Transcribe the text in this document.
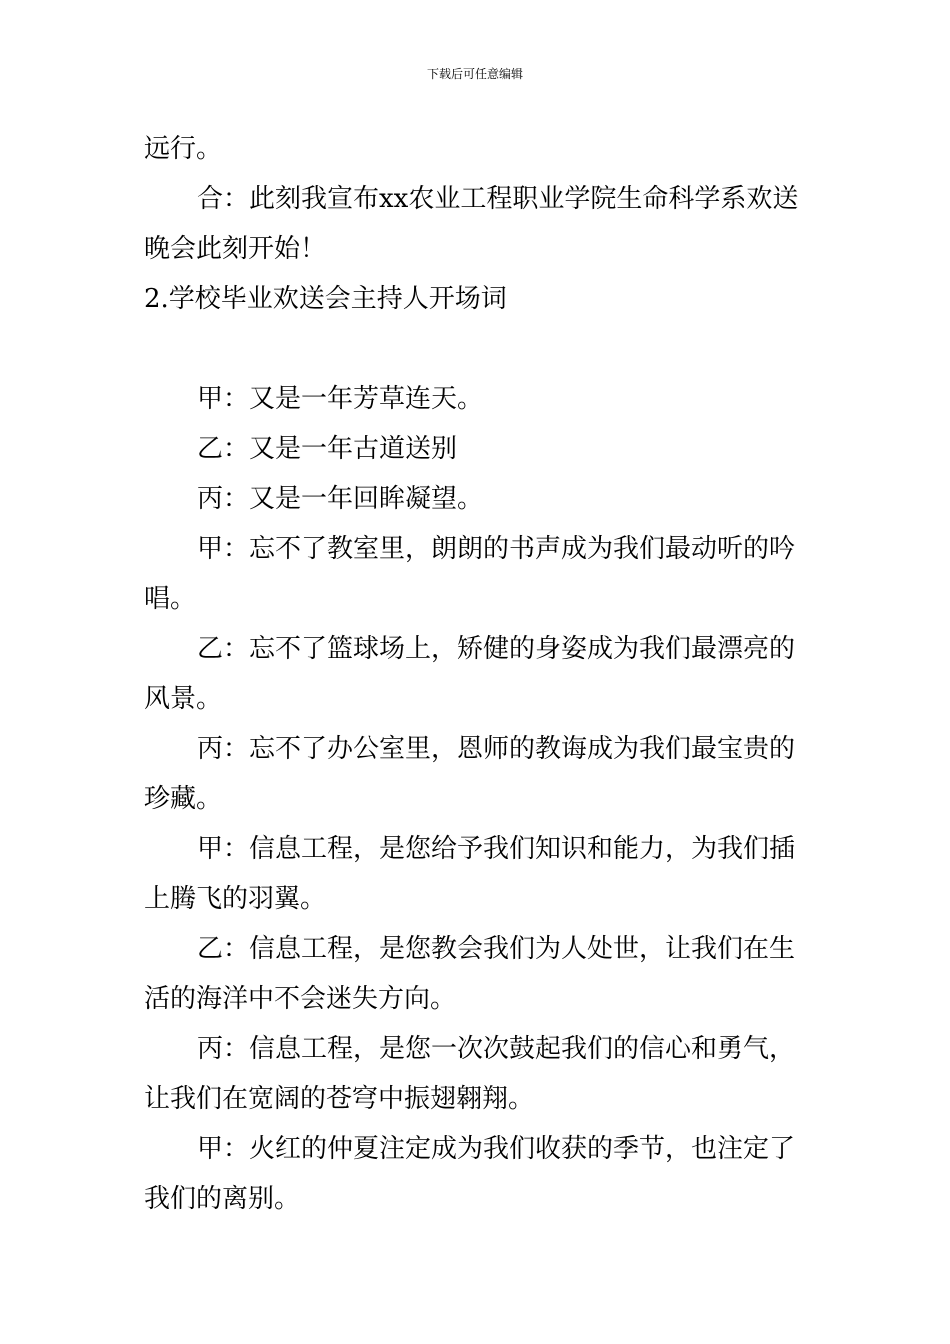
下载后可任意编辑

远行。

合：此刻我宣布xx农业工程职业学院生命科学系欢送晚会此刻开始！

2.学校毕业欢送会主持人开场词

甲：又是一年芳草连天。

乙：又是一年古道送别

丙：又是一年回眸凝望。

甲：忘不了教室里，朗朗的书声成为我们最动听的吟唱。

乙：忘不了篮球场上，矫健的身姿成为我们最漂亮的风景。

丙：忘不了办公室里，恩师的教诲成为我们最宝贵的珍藏。

甲：信息工程，是您给予我们知识和能力，为我们插上腾飞的羽翼。

乙：信息工程，是您教会我们为人处世，让我们在生活的海洋中不会迷失方向。

丙：信息工程，是您一次次鼓起我们的信心和勇气，让我们在宽阔的苍穹中振翅翱翔。

甲：火红的仲夏注定成为我们收获的季节，也注定了我们的离别。
